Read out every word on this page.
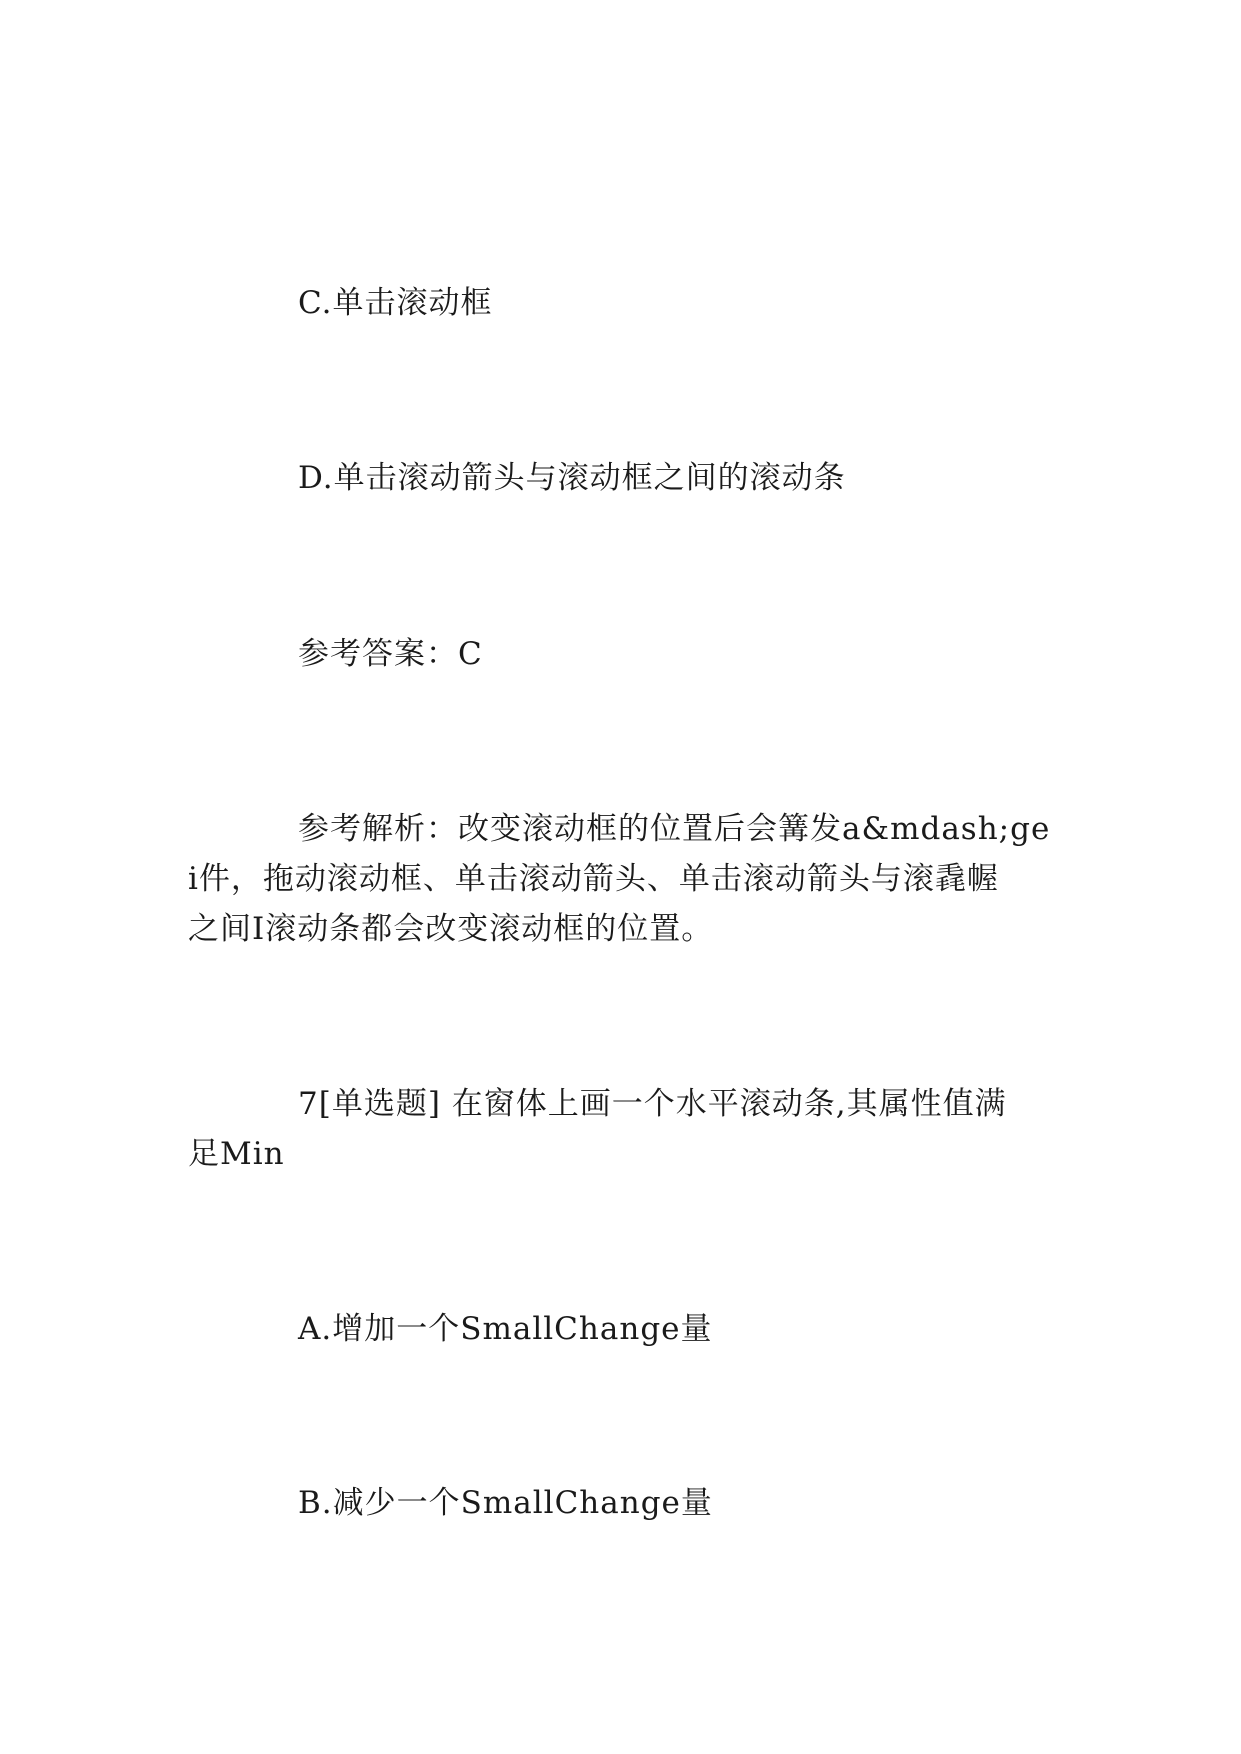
C.单击滚动框
D.单击滚动箭头与滚动框之间的滚动条
参考答案：C
参考解析：改变滚动框的位置后会篝发a&mdash;ge
i件，拖动滚动框、单击滚动箭头、单击滚动箭头与滚毳幄
之间I滚动条都会改变滚动框的位置。
7[单选题] 在窗体上画一个水平滚动条,其属性值满
足Min
A.增加一个SmallChange量
B.减少一个SmallChange量
